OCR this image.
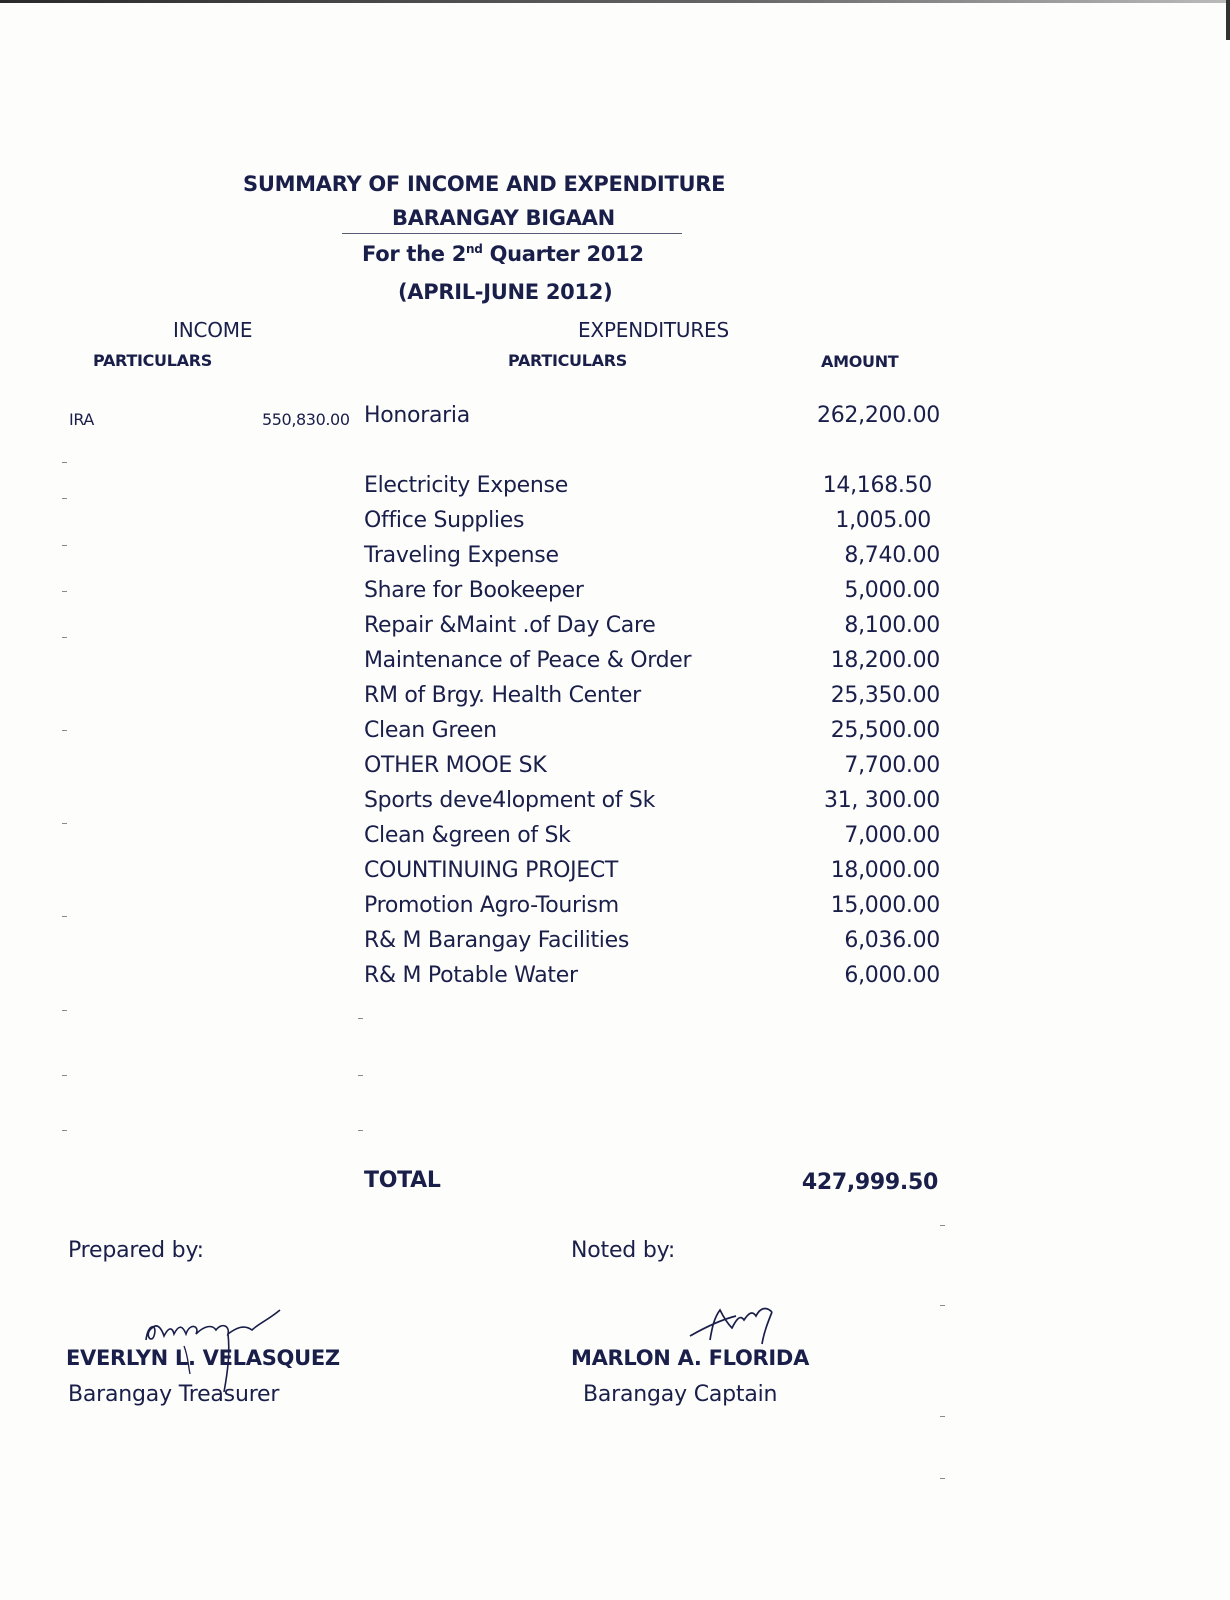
SUMMARY OF INCOME AND EXPENDITURE
BARANGAY BIGAAN
For the 2nd Quarter 2012
(APRIL-JUNE 2012)
INCOME	EXPENDITURES
PARTICULARS	PARTICULARS	AMOUNT
IRA	550,830.00 Honoraria	262,200.00
Electricity Expense	14,168.50
Office Supplies	1,005.00
Traveling Expense	8,740.00
Share for Bookeeper	5,000.00
Repair &Maint .of Day Care	8,100.00
Maintenance of Peace & Order	18,200.00
RM of Brgy. Health Center	25,350.00
Clean Green	25,500.00
OTHER MOOE SK	7,700.00
Sports deve4lopment of Sk	31, 300.00
Clean &green of Sk	7,000.00
COUNTINUING PROJECT	18,000.00
Promotion Agro-Tourism	15,000.00
R& M Barangay Facilities	6,036.00
R& M Potable Water	6,000.00
TOTAL	427,999.50
Prepared by:	Noted by:
EVERLYN L. VELASQUEZ
Barangay Treasurer
MARLON A. FLORIDA
Barangay Captain
